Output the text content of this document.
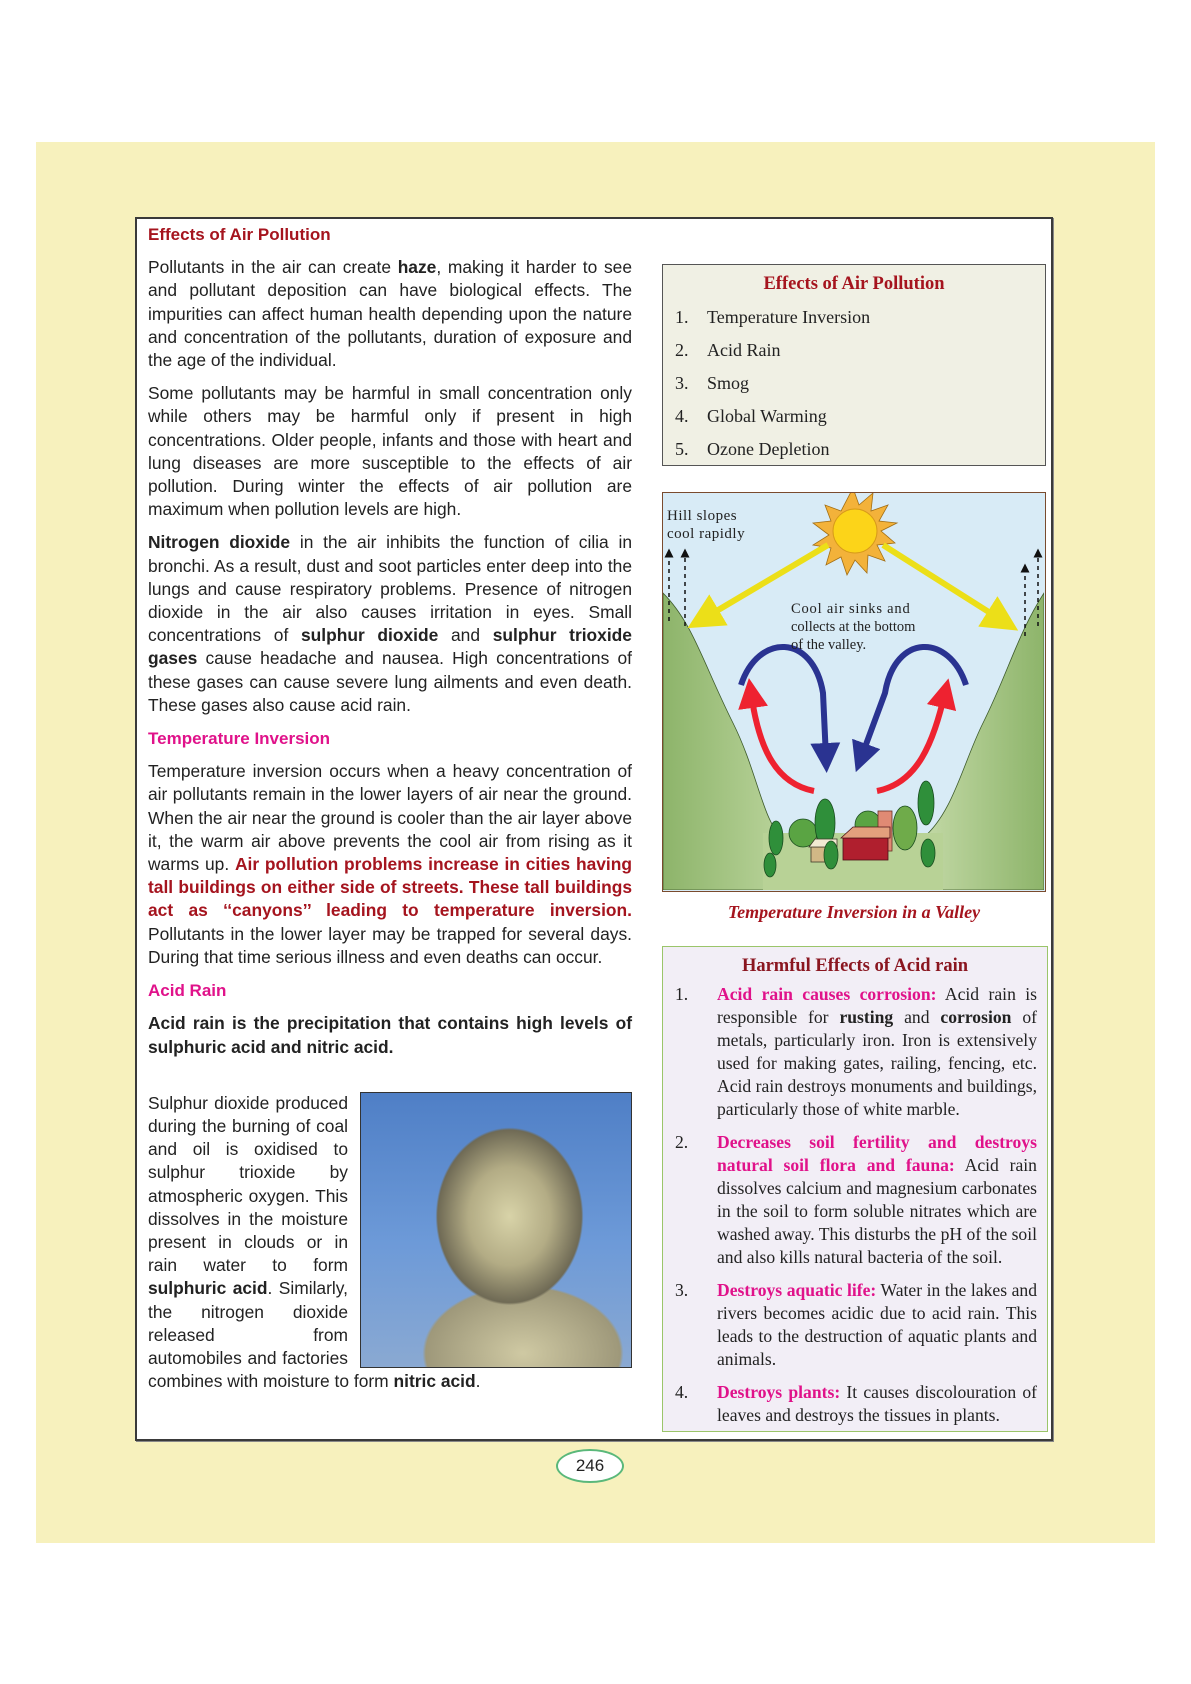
Effects of Air Pollution

Pollutants in the air can create haze, making it harder to see and pollutant deposition can have biological effects. The impurities can affect human health depending upon the nature and concentration of the pollutants, duration of exposure and the age of the individual.

Some pollutants may be harmful in small concentration only while others may be harmful only if present in high concentrations. Older people, infants and those with heart and lung diseases are more susceptible to the effects of air pollution. During winter the effects of air pollution are maximum when pollution levels are high.

Nitrogen dioxide in the air inhibits the function of cilia in bronchi. As a result, dust and soot particles enter deep into the lungs and cause respiratory problems. Presence of nitrogen dioxide in the air also causes irritation in eyes. Small concentrations of sulphur dioxide and sulphur trioxide gases cause headache and nausea. High concentrations of these gases can cause severe lung ailments and even death. These gases also cause acid rain.

Temperature Inversion

Temperature inversion occurs when a heavy concentration of air pollutants remain in the lower layers of air near the ground. When the air near the ground is cooler than the air layer above it, the warm air above prevents the cool air from rising as it warms up. Air pollution problems increase in cities having tall buildings on either side of streets. These tall buildings act as ‘‘canyons’’ leading to temperature inversion. Pollutants in the lower layer may be trapped for several days. During that time serious illness and even deaths can occur.

Acid Rain

Acid rain is the precipitation that contains high levels of sulphuric acid and nitric acid.

Sulphur dioxide produced during the burning of coal and oil is oxidised to sulphur trioxide by atmospheric oxygen. This dissolves in the moisture present in clouds or in rain water to form sulphuric acid. Similarly, the nitrogen dioxide released from automobiles and factories combines with moisture to form nitric acid.

Effects of Air Pollution
1.	Temperature Inversion
2.	Acid Rain
3.	Smog
4.	Global Warming
5.	Ozone Depletion
Hill slopes
cool rapidly
Cool air sinks and
collects at the bottom
of the valley.
Temperature Inversion in a Valley
Harmful Effects of Acid rain
1.	Acid rain causes corrosion: Acid rain is responsible for rusting and corrosion of metals, particularly iron. Iron is extensively used for making gates, railing, fencing, etc. Acid rain destroys monuments and buildings, particularly those of white marble.
2.	Decreases soil fertility and destroys natural soil flora and fauna: Acid rain dissolves calcium and magnesium carbonates in the soil to form soluble nitrates which are washed away. This disturbs the pH of the soil and also kills natural bacteria of the soil.
3.	Destroys aquatic life: Water in the lakes and rivers becomes acidic due to acid rain. This leads to the destruction of aquatic plants and animals.
4.	Destroys plants: It causes discolouration of leaves and destroys the tissues in plants.
246
